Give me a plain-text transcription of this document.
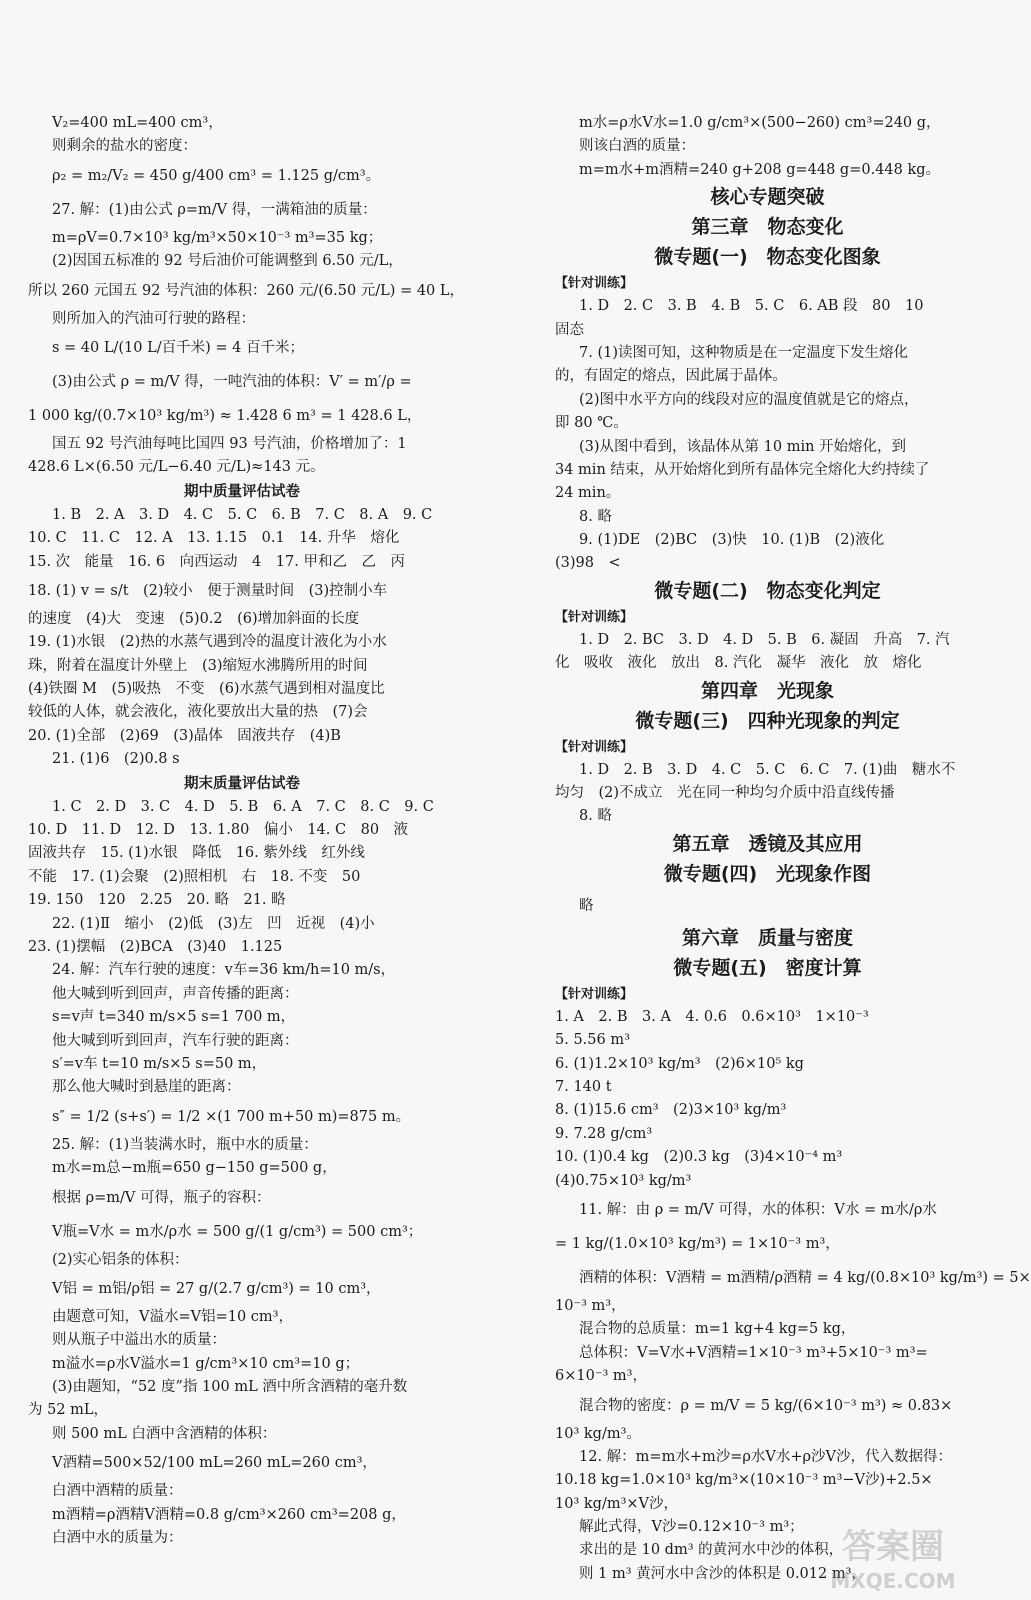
V₂=400 mL=400 cm³，
则剩余的盐水的密度：
ρ₂ = m₂/V₂ = 450 g/400 cm³ = 1.125 g/cm³。
27. 解：(1)由公式 ρ=m/V 得，一满箱油的质量：
m=ρV=0.7×10³ kg/m³×50×10⁻³ m³=35 kg；
(2)因国五标准的 92 号后油价可能调整到 6.50 元/L，
所以 260 元国五 92 号汽油的体积：260 元/(6.50 元/L) = 40 L，
则所加入的汽油可行驶的路程：
s = 40 L/(10 L/百千米) = 4 百千米；
(3)由公式 ρ = m/V 得，一吨汽油的体积：V′ = m′/ρ =
1 000 kg/(0.7×10³ kg/m³) ≈ 1.428 6 m³ = 1 428.6 L，
国五 92 号汽油每吨比国四 93 号汽油，价格增加了：1
428.6 L×(6.50 元/L−6.40 元/L)≈143 元。
期中质量评估试卷
1. B　2. A　3. D　4. C　5. C　6. B　7. C　8. A　9. C
10. C　11. C　12. A　13. 1.15　0.1　14. 升华　熔化
15. 次　能量　16. 6　向西运动　4　17. 甲和乙　乙　丙
18. (1) v = s/t　(2)较小　便于测量时间　(3)控制小车
的速度　(4)大　变速　(5)0.2　(6)增加斜面的长度
19. (1)水银　(2)热的水蒸气遇到冷的温度计液化为小水
珠，附着在温度计外壁上　(3)缩短水沸腾所用的时间
(4)铁圈 M　(5)吸热　不变　(6)水蒸气遇到相对温度比
较低的人体，就会液化，液化要放出大量的热　(7)会
20. (1)全部　(2)69　(3)晶体　固液共存　(4)B
21. (1)6　(2)0.8 s
期末质量评估试卷
1. C　2. D　3. C　4. D　5. B　6. A　7. C　8. C　9. C
10. D　11. D　12. D　13. 1.80　偏小　14. C　80　液
固液共存　15. (1)水银　降低　16. 紫外线　红外线
不能　17. (1)会聚　(2)照相机　右　18. 不变　50
19. 150　120　2.25　20. 略　21. 略
22. (1)Ⅱ　缩小　(2)低　(3)左　凹　近视　(4)小
23. (1)摆幅　(2)BCA　(3)40　1.125
24. 解：汽车行驶的速度：v车=36 km/h=10 m/s，
他大喊到听到回声，声音传播的距离：
s=v声 t=340 m/s×5 s=1 700 m，
他大喊到听到回声，汽车行驶的距离：
s′=v车 t=10 m/s×5 s=50 m，
那么他大喊时到悬崖的距离：
s″ = 1/2 (s+s′) = 1/2 ×(1 700 m+50 m)=875 m。
25. 解：(1)当装满水时，瓶中水的质量：
m水=m总−m瓶=650 g−150 g=500 g，
根据 ρ=m/V 可得，瓶子的容积：
V瓶=V水 = m水/ρ水 = 500 g/(1 g/cm³) = 500 cm³；
(2)实心铝条的体积：
V铝 = m铝/ρ铝 = 27 g/(2.7 g/cm³) = 10 cm³，
由题意可知，V溢水=V铝=10 cm³，
则从瓶子中溢出水的质量：
m溢水=ρ水V溢水=1 g/cm³×10 cm³=10 g；
(3)由题知，“52 度”指 100 mL 酒中所含酒精的毫升数
为 52 mL，
则 500 mL 白酒中含酒精的体积：
V酒精=500×52/100 mL=260 mL=260 cm³，
白酒中酒精的质量：
m酒精=ρ酒精V酒精=0.8 g/cm³×260 cm³=208 g，
白酒中水的质量为：
m水=ρ水V水=1.0 g/cm³×(500−260) cm³=240 g，
则该白酒的质量：
m=m水+m酒精=240 g+208 g=448 g=0.448 kg。
核心专题突破
第三章　物态变化
微专题(一)　物态变化图象
【针对训练】
1. D　2. C　3. B　4. B　5. C　6. AB 段　80　10
固态
7. (1)读图可知，这种物质是在一定温度下发生熔化
的，有固定的熔点，因此属于晶体。
(2)图中水平方向的线段对应的温度值就是它的熔点，
即 80 ℃。
(3)从图中看到，该晶体从第 10 min 开始熔化，到
34 min 结束，从开始熔化到所有晶体完全熔化大约持续了
24 min。
8. 略
9. (1)DE　(2)BC　(3)快　10. (1)B　(2)液化
(3)98　<
微专题(二)　物态变化判定
【针对训练】
1. D　2. BC　3. D　4. D　5. B　6. 凝固　升高　7. 汽
化　吸收　液化　放出　8. 汽化　凝华　液化　放　熔化
第四章　光现象
微专题(三)　四种光现象的判定
【针对训练】
1. D　2. B　3. D　4. C　5. C　6. C　7. (1)曲　糖水不
均匀　(2)不成立　光在同一种均匀介质中沿直线传播
8. 略
第五章　透镜及其应用
微专题(四)　光现象作图
略
第六章　质量与密度
微专题(五)　密度计算
【针对训练】
1. A　2. B　3. A　4. 0.6　0.6×10³　1×10⁻³
5. 5.56 m³
6. (1)1.2×10³ kg/m³　(2)6×10⁵ kg
7. 140 t
8. (1)15.6 cm³　(2)3×10³ kg/m³
9. 7.28 g/cm³
10. (1)0.4 kg　(2)0.3 kg　(3)4×10⁻⁴ m³
(4)0.75×10³ kg/m³
11. 解：由 ρ = m/V 可得，水的体积：V水 = m水/ρ水
= 1 kg/(1.0×10³ kg/m³) = 1×10⁻³ m³，
酒精的体积：V酒精 = m酒精/ρ酒精 = 4 kg/(0.8×10³ kg/m³) = 5×
10⁻³ m³，
混合物的总质量：m=1 kg+4 kg=5 kg，
总体积：V=V水+V酒精=1×10⁻³ m³+5×10⁻³ m³=
6×10⁻³ m³，
混合物的密度：ρ = m/V = 5 kg/(6×10⁻³ m³) ≈ 0.83×
10³ kg/m³。
12. 解：m=m水+m沙=ρ水V水+ρ沙V沙，代入数据得：
10.18 kg=1.0×10³ kg/m³×(10×10⁻³ m³−V沙)+2.5×
10³ kg/m³×V沙，
解此式得，V沙=0.12×10⁻³ m³；
求出的是 10 dm³ 的黄河水中沙的体积，
则 1 m³ 黄河水中含沙的体积是 0.012 m³，
答案圈
MXQE.COM
